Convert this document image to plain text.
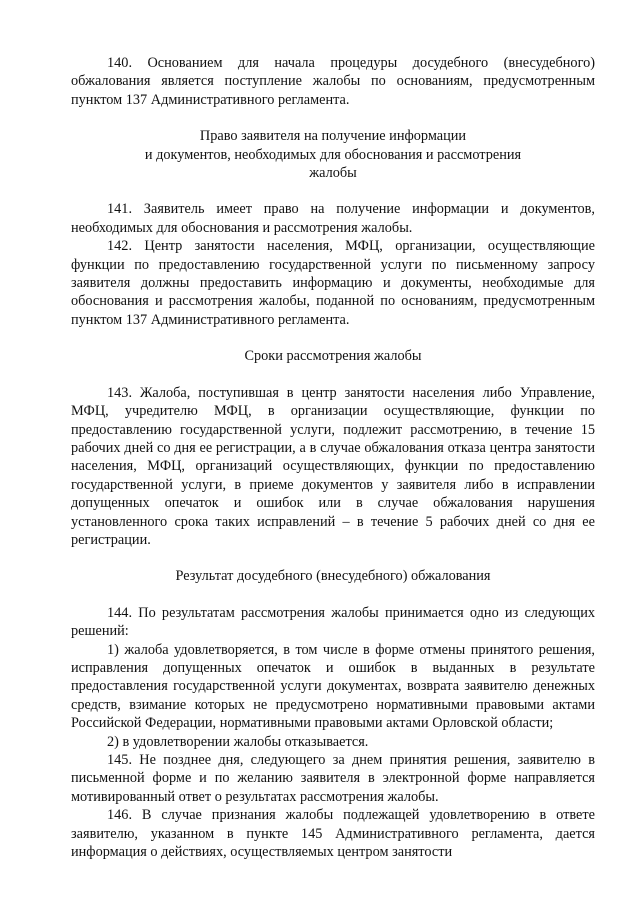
140. Основанием для начала процедуры досудебного (внесудебного) обжалования является поступление жалобы по основаниям, предусмотренным пунктом 137 Административного регламента.

Право заявителя на получение информации
и документов, необходимых для обоснования и рассмотрения
жалобы

141. Заявитель имеет право на получение информации и документов, необходимых для обоснования и рассмотрения жалобы.

142. Центр занятости населения, МФЦ, организации, осуществляющие функции по предоставлению государственной услуги по письменному запросу заявителя должны предоставить информацию и документы, необходимые для обоснования и рассмотрения жалобы, поданной по основаниям, предусмотренным пунктом 137 Административного регламента.

Сроки рассмотрения жалобы

143. Жалоба, поступившая в центр занятости населения либо Управление, МФЦ, учредителю МФЦ, в организации осуществляющие, функции по предоставлению государственной услуги, подлежит рассмотрению, в течение 15 рабочих дней со дня ее регистрации, а в случае обжалования отказа центра занятости населения, МФЦ, организаций осуществляющих, функции по предоставлению государственной услуги, в приеме документов у заявителя либо в исправлении допущенных опечаток и ошибок или в случае обжалования нарушения установленного срока таких исправлений – в течение 5 рабочих дней со дня ее регистрации.

Результат досудебного (внесудебного) обжалования

144. По результатам рассмотрения жалобы принимается одно из следующих решений:

1) жалоба удовлетворяется, в том числе в форме отмены принятого решения, исправления допущенных опечаток и ошибок в выданных в результате предоставления государственной услуги документах, возврата заявителю денежных средств, взимание которых не предусмотрено нормативными правовыми актами Российской Федерации, нормативными правовыми актами Орловской области;

2) в удовлетворении жалобы отказывается.

145. Не позднее дня, следующего за днем принятия решения, заявителю в письменной форме и по желанию заявителя в электронной форме направляется мотивированный ответ о результатах рассмотрения жалобы.

146. В случае признания жалобы подлежащей удовлетворению в ответе заявителю, указанном в пункте 145 Административного регламента, дается информация о действиях, осуществляемых центром занятости
